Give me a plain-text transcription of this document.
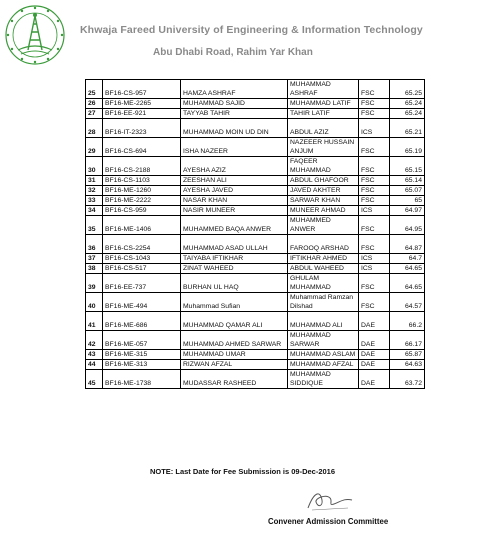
Khwaja Fareed University of Engineering & Information Technology
Abu Dhabi Road, Rahim Yar Khan
25	BF16-CS-957	HAMZA ASHRAF	MUHAMMAD ASHRAF	FSC	65.25
26	BF16-ME-2265	MUHAMMAD SAJID	MUHAMMAD LATIF	FSC	65.24
27	BF16-EE-921	TAYYAB TAHIR	TAHIR LATIF	FSC	65.24
28	BF16-IT-2323	MUHAMMAD MOIN UD DIN	ABDUL AZIZ	ICS	65.21
29	BF16-CS-694	ISHA NAZEER	NAZEEER HUSSAIN ANJUM	FSC	65.19
30	BF16-CS-2188	AYESHA AZIZ	FAQEER MUHAMMAD	FSC	65.15
31	BF16-CS-1103	ZEESHAN ALI	ABDUL GHAFOOR	FSC	65.14
32	BF16-ME-1260	AYESHA JAVED	JAVED AKHTER	FSC	65.07
33	BF16-ME-2222	NASAR KHAN	SARWAR KHAN	FSC	65
34	BF16-CS-959	NASIR MUNEER	MUNEER AHMAD	ICS	64.97
35	BF16-ME-1406	MUHAMMED BAQA ANWER	MUHAMMED ANWER	FSC	64.95
36	BF16-CS-2254	MUHAMMAD ASAD ULLAH	FAROOQ ARSHAD	FSC	64.87
37	BF16-CS-1043	TAIYABA IFTIKHAR	IFTIKHAR AHMED	ICS	64.7
38	BF16-CS-517	ZINAT WAHEED	ABDUL WAHEED	ICS	64.65
39	BF16-EE-737	BURHAN UL HAQ	GHULAM MUHAMMAD	FSC	64.65
40	BF16-ME-494	Muhammad Sufian	Muhammad Ramzan Dilshad	FSC	64.57
41	BF16-ME-686	MUHAMMAD QAMAR ALI	MUHAMMAD ALI	DAE	66.2
42	BF16-ME-057	MUHAMMAD AHMED SARWAR	MUHAMMAD SARWAR	DAE	66.17
43	BF16-ME-315	MUHAMMAD UMAR	MUHAMMAD ASLAM	DAE	65.87
44	BF16-ME-313	RIZWAN AFZAL	MUHAMMAD AFZAL	DAE	64.63
45	BF16-ME-1738	MUDASSAR RASHEED	MUHAMMAD SIDDIQUE	DAE	63.72
NOTE: Last Date for Fee Submission is 09-Dec-2016
Convener Admission Committee
